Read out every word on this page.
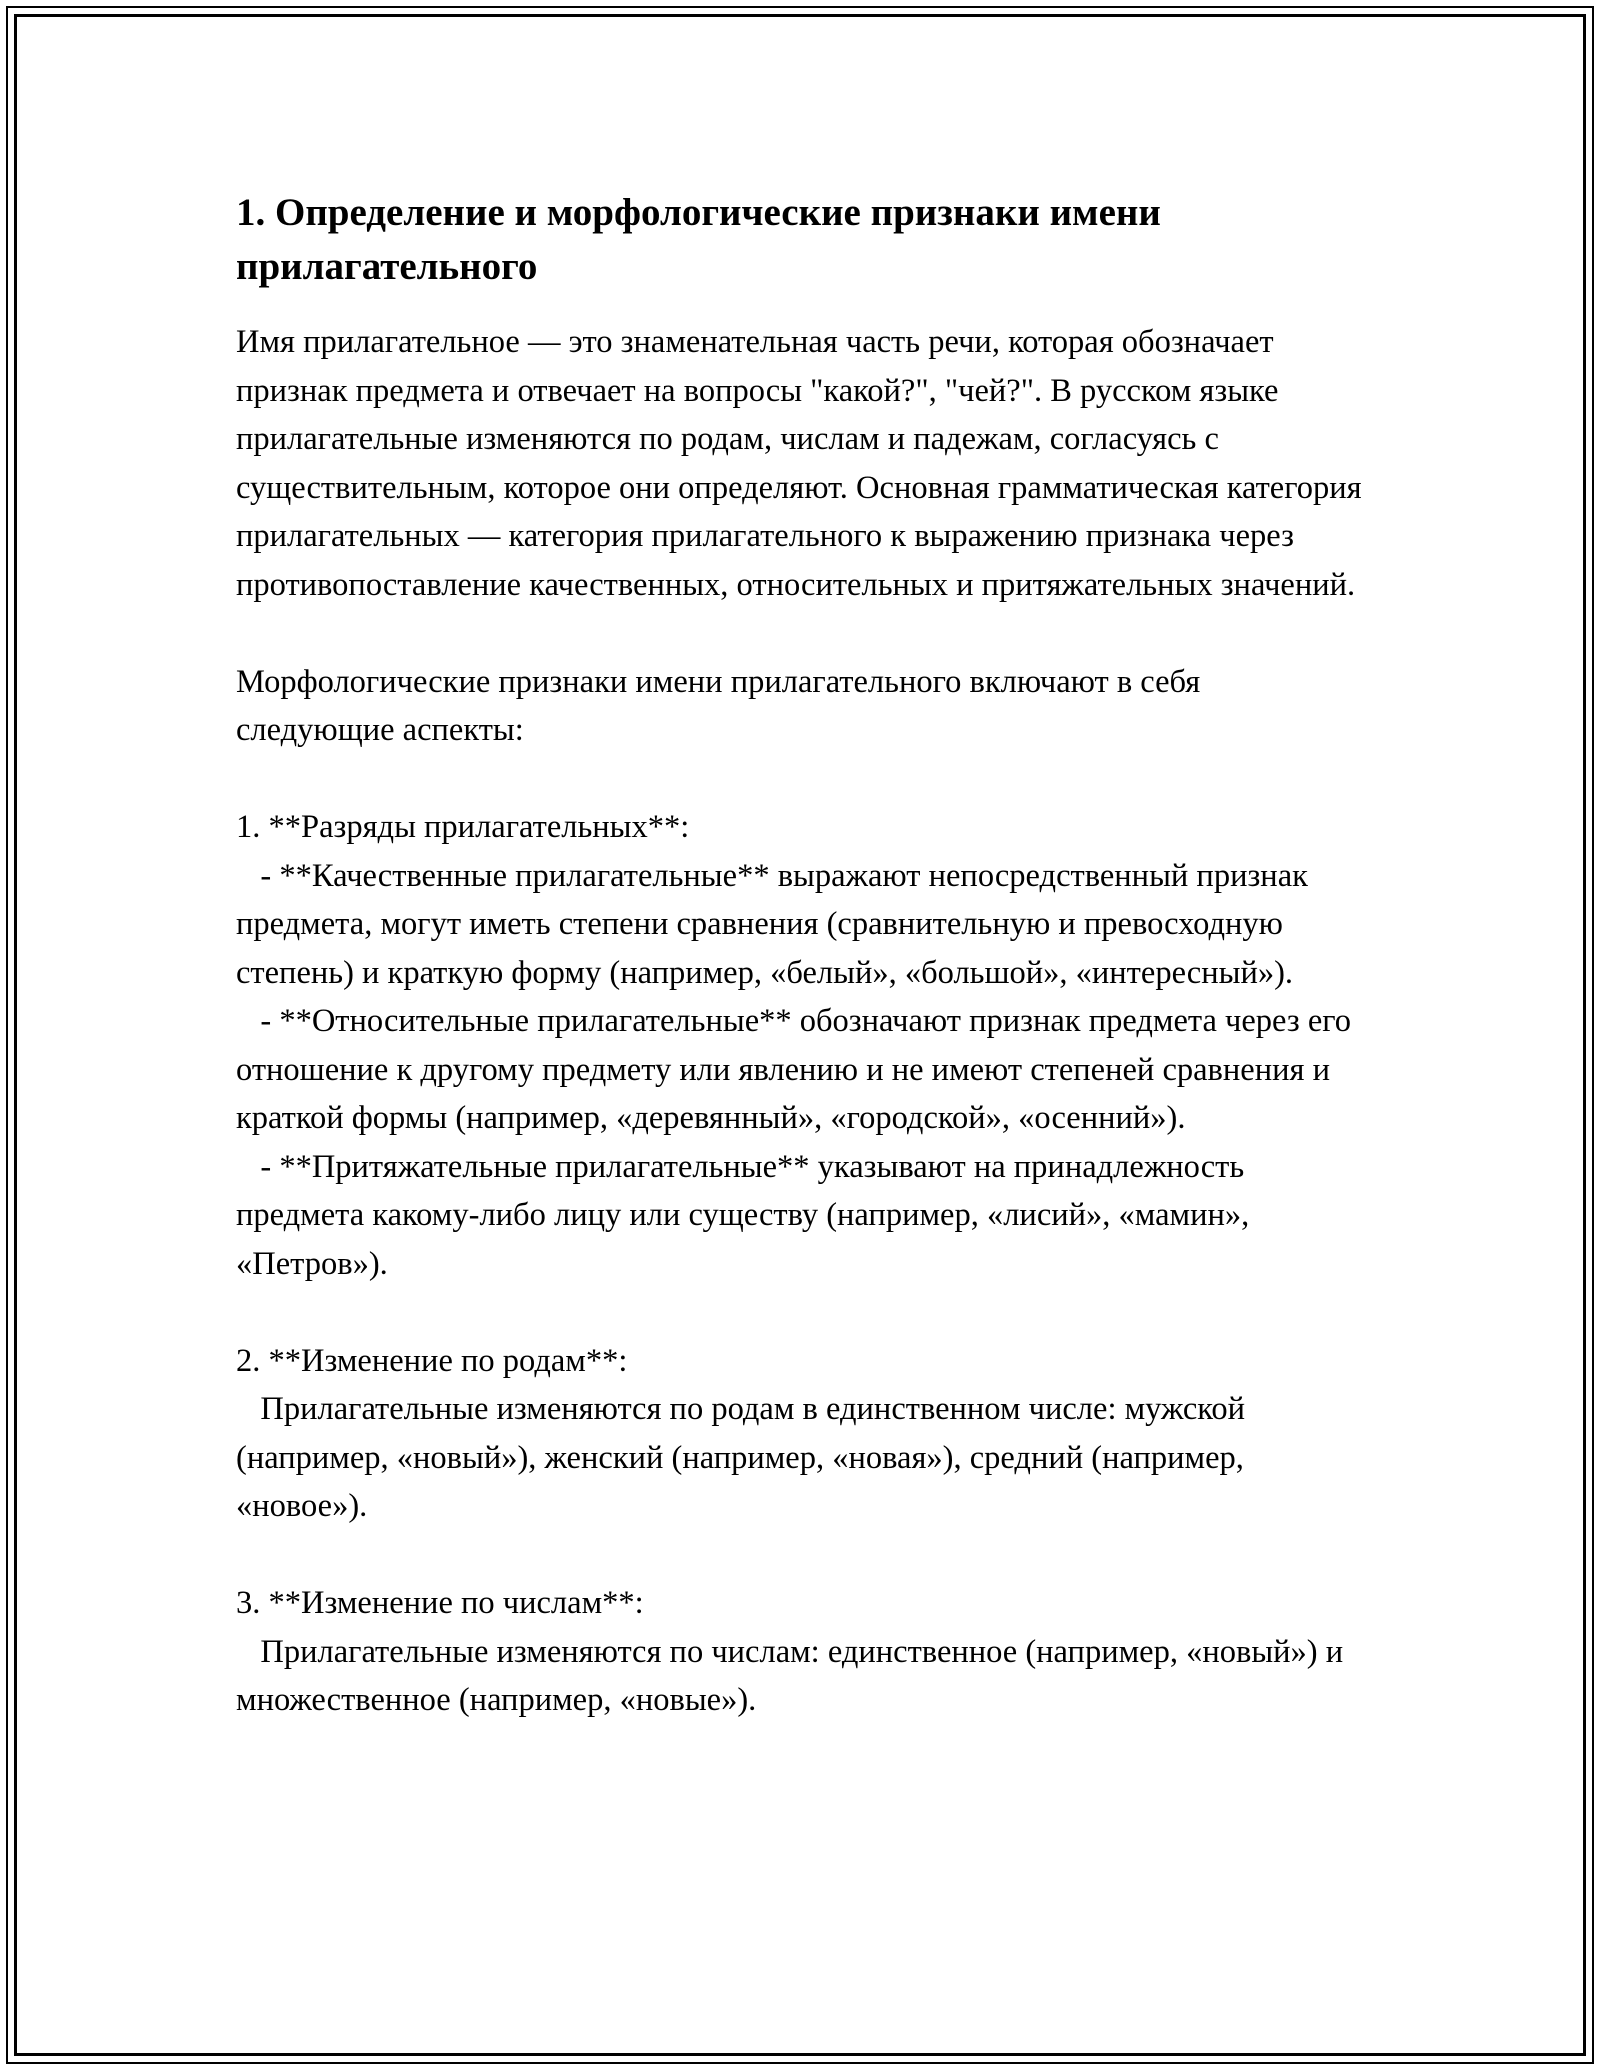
1. Определение и морфологические признаки имени прилагательного

Имя прилагательное — это знаменательная часть речи, которая обозначает признак предмета и отвечает на вопросы "какой?", "чей?". В русском языке прилагательные изменяются по родам, числам и падежам, согласуясь с существительным, которое они определяют. Основная грамматическая категория прилагательных — категория прилагательного к выражению признака через противопоставление качественных, относительных и притяжательных значений.

Морфологические признаки имени прилагательного включают в себя следующие аспекты:

1. **Разряды прилагательных**:
- **Качественные прилагательные** выражают непосредственный признак предмета, могут иметь степени сравнения (сравнительную и превосходную степень) и краткую форму (например, «белый», «большой», «интересный»).
- **Относительные прилагательные** обозначают признак предмета через его отношение к другому предмету или явлению и не имеют степеней сравнения и краткой формы (например, «деревянный», «городской», «осенний»).
- **Притяжательные прилагательные** указывают на принадлежность предмета какому-либо лицу или существу (например, «лисий», «мамин», «Петров»).

2. **Изменение по родам**:
Прилагательные изменяются по родам в единственном числе: мужской (например, «новый»), женский (например, «новая»), средний (например, «новое»).

3. **Изменение по числам**:
Прилагательные изменяются по числам: единственное (например, «новый») и множественное (например, «новые»).
